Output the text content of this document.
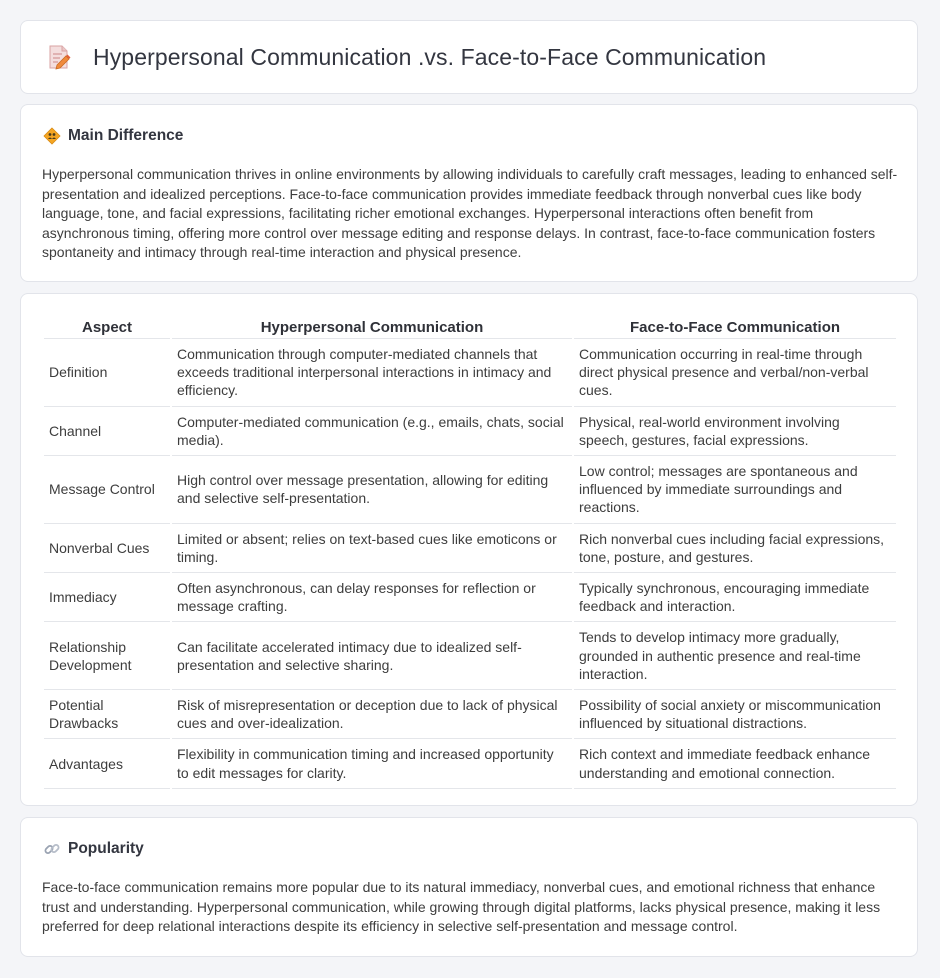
Hyperpersonal Communication .vs. Face-to-Face Communication
Main Difference

Hyperpersonal communication thrives in online environments by allowing individuals to carefully craft messages, leading to enhanced self-presentation and idealized perceptions. Face-to-face communication provides immediate feedback through nonverbal cues like body language, tone, and facial expressions, facilitating richer emotional exchanges. Hyperpersonal interactions often benefit from asynchronous timing, offering more control over message editing and response delays. In contrast, face-to-face communication fosters spontaneity and intimacy through real-time interaction and physical presence.

Aspect	Hyperpersonal Communication	Face-to-Face Communication
Definition	Communication through computer-mediated channels that exceeds traditional interpersonal interactions in intimacy and efficiency.	Communication occurring in real-time through direct physical presence and verbal/non-verbal cues.
Channel	Computer-mediated communication (e.g., emails, chats, social media).	Physical, real-world environment involving speech, gestures, facial expressions.
Message Control	High control over message presentation, allowing for editing and selective self-presentation.	Low control; messages are spontaneous and influenced by immediate surroundings and reactions.
Nonverbal Cues	Limited or absent; relies on text-based cues like emoticons or timing.	Rich nonverbal cues including facial expressions, tone, posture, and gestures.
Immediacy	Often asynchronous, can delay responses for reflection or message crafting.	Typically synchronous, encouraging immediate feedback and interaction.
Relationship Development	Can facilitate accelerated intimacy due to idealized self-presentation and selective sharing.	Tends to develop intimacy more gradually, grounded in authentic presence and real-time interaction.
Potential Drawbacks	Risk of misrepresentation or deception due to lack of physical cues and over-idealization.	Possibility of social anxiety or miscommunication influenced by situational distractions.
Advantages	Flexibility in communication timing and increased opportunity to edit messages for clarity.	Rich context and immediate feedback enhance understanding and emotional connection.
Popularity

Face-to-face communication remains more popular due to its natural immediacy, nonverbal cues, and emotional richness that enhance trust and understanding. Hyperpersonal communication, while growing through digital platforms, lacks physical presence, making it less preferred for deep relational interactions despite its efficiency in selective self-presentation and message control.
